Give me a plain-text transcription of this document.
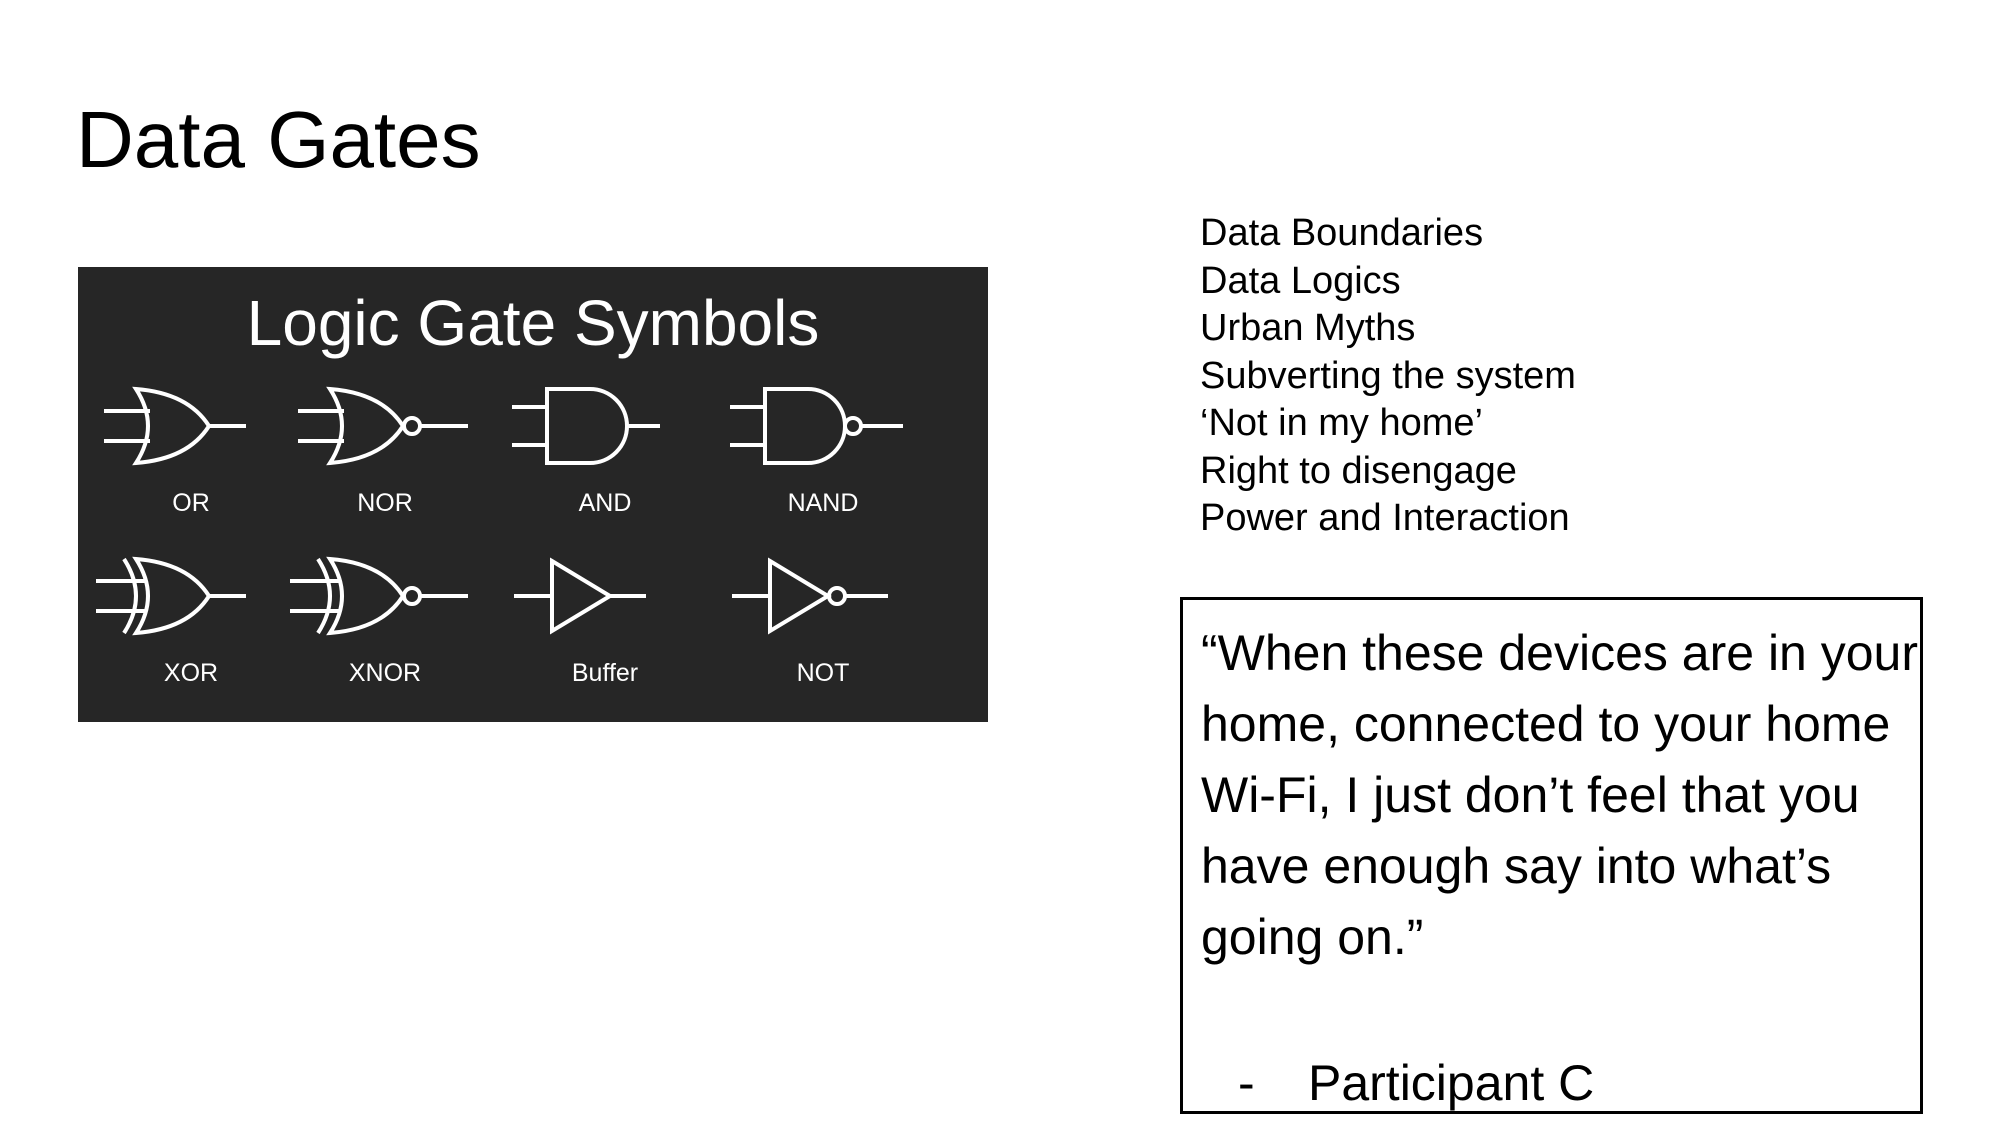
Data Gates
Logic Gate Symbols
OR	NOR	AND	NAND
XOR	XNOR	Buffer	NOT
Data Boundaries
Data Logics
Urban Myths
Subverting the system
‘Not in my home’
Right to disengage
Power and Interaction

“When these devices are in your home, connected to your home Wi-Fi, I just don’t feel that you have enough say into what’s going on.”

- Participant C
